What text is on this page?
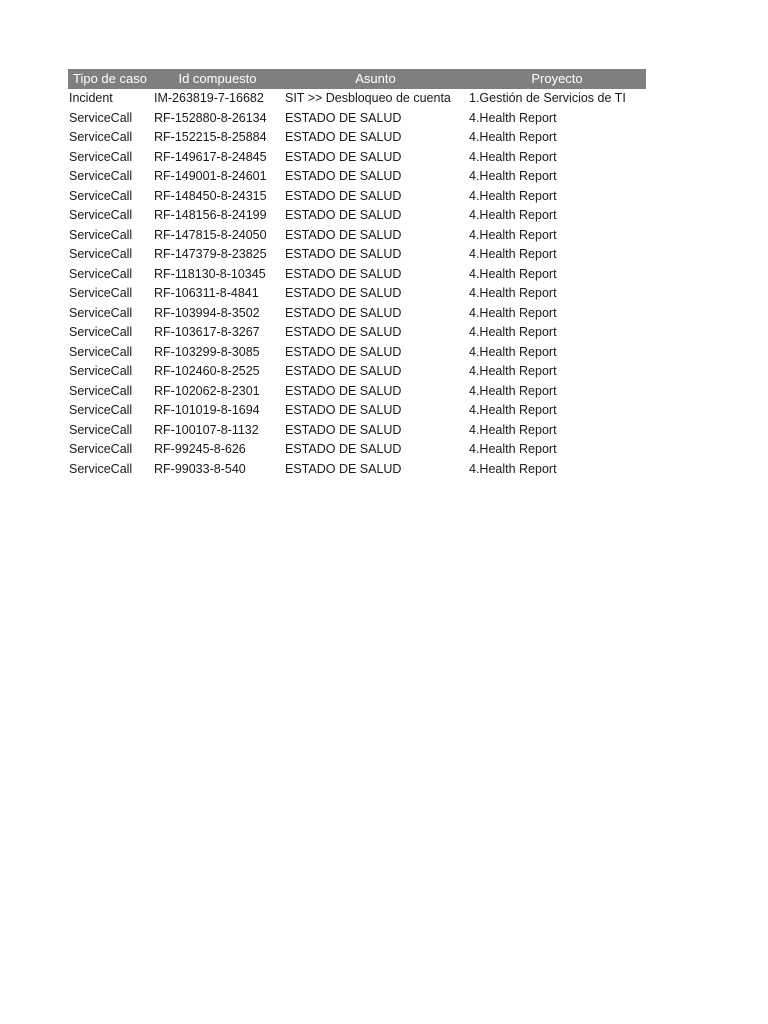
Tipo de caso	Id compuesto	Asunto	Proyecto
Incident	IM-263819-7-16682	SIT >> Desbloqueo de cuenta	1.Gestión de Servicios de TI
ServiceCall	RF-152880-8-26134	ESTADO DE SALUD	4.Health Report
ServiceCall	RF-152215-8-25884	ESTADO DE SALUD	4.Health Report
ServiceCall	RF-149617-8-24845	ESTADO DE SALUD	4.Health Report
ServiceCall	RF-149001-8-24601	ESTADO DE SALUD	4.Health Report
ServiceCall	RF-148450-8-24315	ESTADO DE SALUD	4.Health Report
ServiceCall	RF-148156-8-24199	ESTADO DE SALUD	4.Health Report
ServiceCall	RF-147815-8-24050	ESTADO DE SALUD	4.Health Report
ServiceCall	RF-147379-8-23825	ESTADO DE SALUD	4.Health Report
ServiceCall	RF-118130-8-10345	ESTADO DE SALUD	4.Health Report
ServiceCall	RF-106311-8-4841	ESTADO DE SALUD	4.Health Report
ServiceCall	RF-103994-8-3502	ESTADO DE SALUD	4.Health Report
ServiceCall	RF-103617-8-3267	ESTADO DE SALUD	4.Health Report
ServiceCall	RF-103299-8-3085	ESTADO DE SALUD	4.Health Report
ServiceCall	RF-102460-8-2525	ESTADO DE SALUD	4.Health Report
ServiceCall	RF-102062-8-2301	ESTADO DE SALUD	4.Health Report
ServiceCall	RF-101019-8-1694	ESTADO DE SALUD	4.Health Report
ServiceCall	RF-100107-8-1132	ESTADO DE SALUD	4.Health Report
ServiceCall	RF-99245-8-626	ESTADO DE SALUD	4.Health Report
ServiceCall	RF-99033-8-540	ESTADO DE SALUD	4.Health Report
